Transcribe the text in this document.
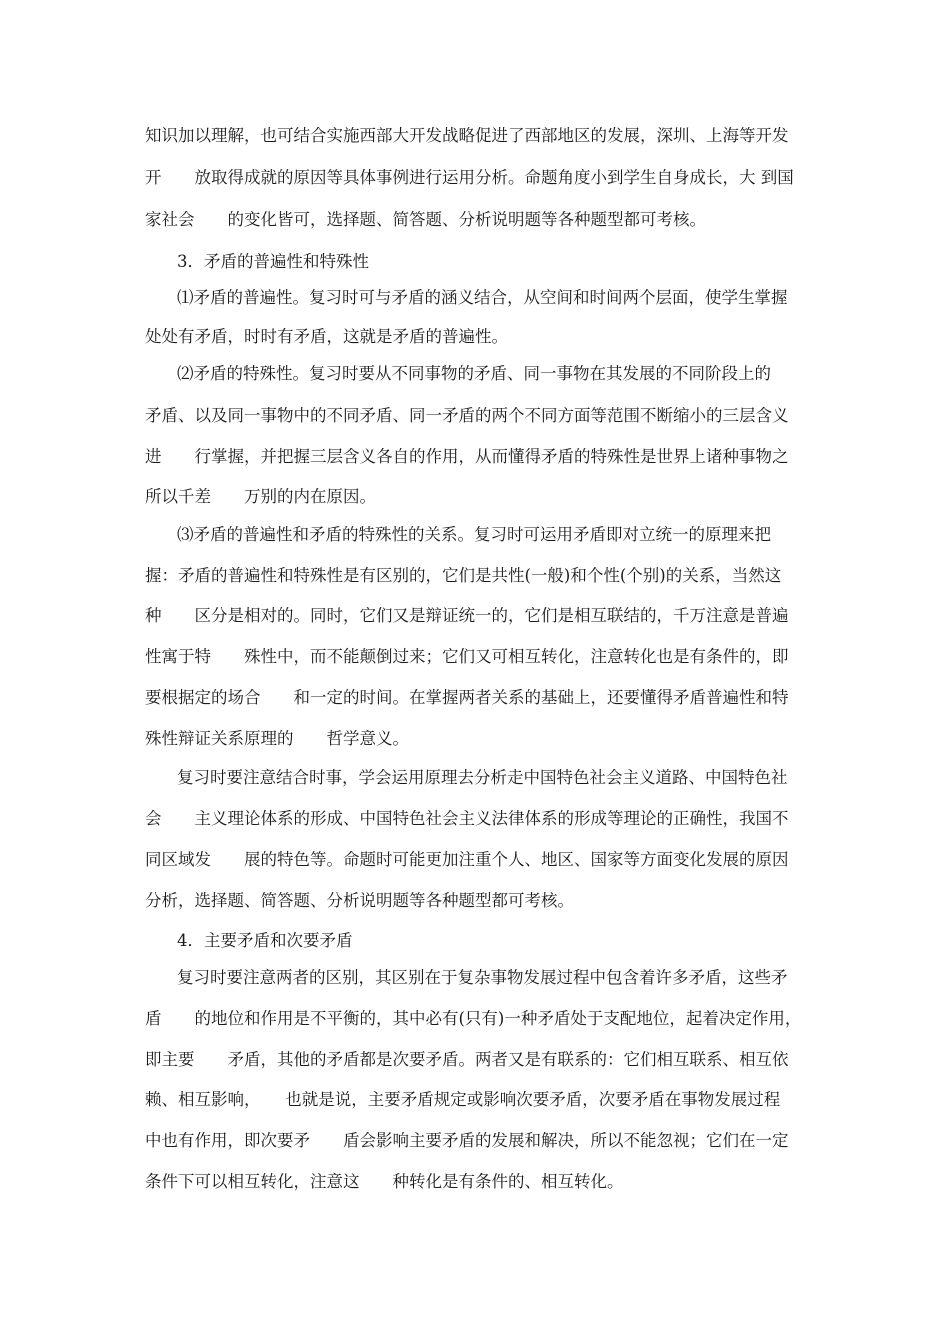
知识加以理解，也可结合实施西部大开发战略促进了西部地区的发展，深圳、上海等开发
开　　放取得成就的原因等具体事例进行运用分析。命题角度小到学生自身成长，大 到国
家社会　　的变化皆可，选择题、简答题、分析说明题等各种题型都可考核。
3．矛盾的普遍性和特殊性
⑴矛盾的普遍性。复习时可与矛盾的涵义结合，从空间和时间两个层面，使学生掌握
处处有矛盾，时时有矛盾，这就是矛盾的普遍性。
⑵矛盾的特殊性。复习时要从不同事物的矛盾、同一事物在其发展的不同阶段上的
矛盾、以及同一事物中的不同矛盾、同一矛盾的两个不同方面等范围不断缩小的三层含义
进　　行掌握，并把握三层含义各自的作用，从而懂得矛盾的特殊性是世界上诸种事物之
所以千差　　万别的内在原因。
⑶矛盾的普遍性和矛盾的特殊性的关系。复习时可运用矛盾即对立统一的原理来把
握：矛盾的普遍性和特殊性是有区别的，它们是共性(一般)和个性(个别)的关系，当然这
种　　区分是相对的。同时，它们又是辩证统一的，它们是相互联结的，千万注意是普遍
性寓于特　　殊性中，而不能颠倒过来；它们又可相互转化，注意转化也是有条件的，即
要根据定的场合　　和一定的时间。在掌握两者关系的基础上，还要懂得矛盾普遍性和特
殊性辩证关系原理的　　哲学意义。
复习时要注意结合时事，学会运用原理去分析走中国特色社会主义道路、中国特色社
会　　主义理论体系的形成、中国特色社会主义法律体系的形成等理论的正确性，我国不
同区域发　　展的特色等。命题时可能更加注重个人、地区、国家等方面变化发展的原因
分析，选择题、简答题、分析说明题等各种题型都可考核。
4．主要矛盾和次要矛盾
复习时要注意两者的区别，其区别在于复杂事物发展过程中包含着许多矛盾，这些矛
盾　　的地位和作用是不平衡的，其中必有(只有)一种矛盾处于支配地位，起着决定作用，
即主要　　矛盾，其他的矛盾都是次要矛盾。两者又是有联系的：它们相互联系、相互依
赖、相互影响，　　也就是说，主要矛盾规定或影响次要矛盾，次要矛盾在事物发展过程
中也有作用，即次要矛　　盾会影响主要矛盾的发展和解决，所以不能忽视；它们在一定
条件下可以相互转化，注意这　　种转化是有条件的、相互转化。
